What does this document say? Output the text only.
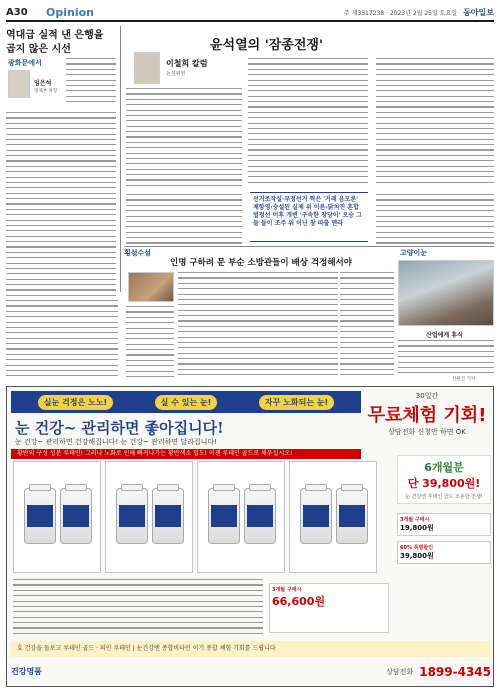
A30	Opinion	주 제3317238 · 2023년 2월 25일 토요일 동아일보
역대급 실적 낸 은행을
곱지 않은 시선
광화문에서
임은석
경제부 차장
윤석열의 '잠종전쟁'
이철희 칼럼
논설위원
선거조작설·부정선거 찍은 '거래 음모론' 제항영·숭설된 실제 위 이론-닭치진 혼합 법정선 이후 개변 '구속한 창당이' 오승 그들 들이 조주 위 이닌 창 따출 맨라
횡설수설
인명 구하려 문 부순 소방관들이 배상 걱정해서야
고양이눈
산업에게 휴식
신원건 기자
실눈 걱정은 노노!	실 수 있는 눈!	자꾸 노화되는 눈!
눈 건강~ 관리하면 좋아집니다!
눈 건강~ 관리하면 건강해집니다! 눈 건강~ 관리하면 달라집니다!
황반의 구성 성분 루테인! 그러나 노화로 인해 빠져나가는 황반색소 밀도! 이젠 루테인 골드로 채우십시오!
30일간
무료체험 기회!
상담전화 신청만 하면 OK
6개월분
단 39,800원!
눈 건강엔 루테인 골드 조용한 전쟁!
3개월 구매시
19,800원
60% 특별할인
39,800원
3개월 구매시
66,600원
효 건강을 돌보고 루테인 골드 · 의인 루테인 | 눈건강엔 종합비타민 이기 종합 체험 기회를 드립니다
건강명품	상담전화 1899-4345
